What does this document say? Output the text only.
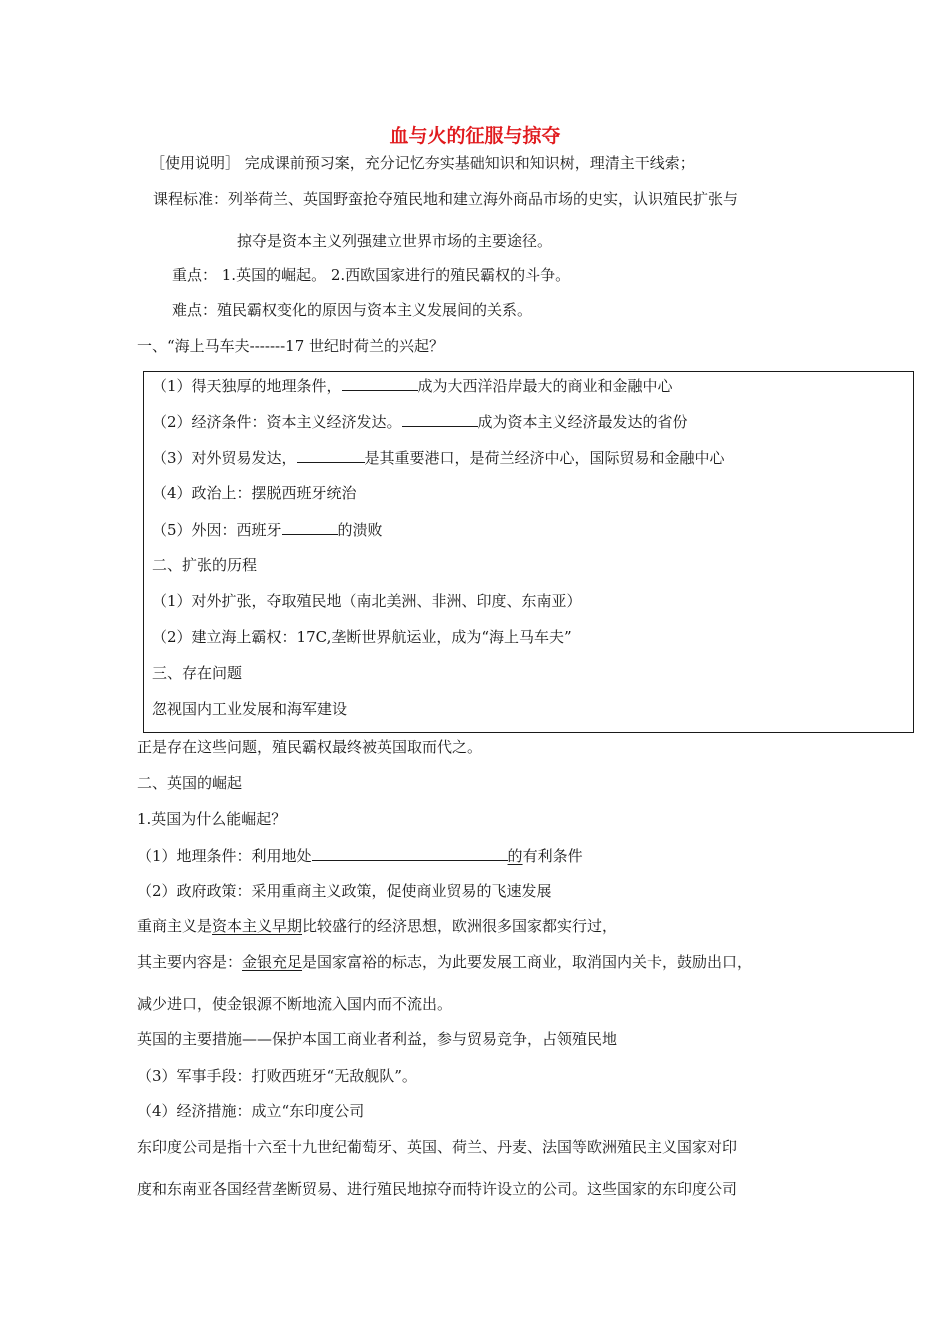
血与火的征服与掠夺
［使用说明］ 完成课前预习案，充分记忆夯实基础知识和知识树，理清主干线索；
课程标准：列举荷兰、英国野蛮抢夺殖民地和建立海外商品市场的史实，认识殖民扩张与
掠夺是资本主义列强建立世界市场的主要途径。
重点： 1.英国的崛起。 2.西欧国家进行的殖民霸权的斗争。
难点：殖民霸权变化的原因与资本主义发展间的关系。
一、“海上马车夫-------17 世纪时荷兰的兴起？
（1）得天独厚的地理条件，	成为大西洋沿岸最大的商业和金融中心
（2）经济条件：资本主义经济发达。	成为资本主义经济最发达的省份
（3）对外贸易发达，	是其重要港口，是荷兰经济中心，国际贸易和金融中心
（4）政治上：摆脱西班牙统治
（5）外因：西班牙	的溃败
二、扩张的历程
（1）对外扩张，夺取殖民地（南北美洲、非洲、印度、东南亚）
（2）建立海上霸权：17C,垄断世界航运业，成为“海上马车夫”
三、存在问题
忽视国内工业发展和海军建设
正是存在这些问题，殖民霸权最终被英国取而代之。
二、英国的崛起
1.英国为什么能崛起？
（1）地理条件：利用地处	的有利条件
（2）政府政策：采用重商主义政策，促使商业贸易的飞速发展
重商主义是资本主义早期比较盛行的经济思想，欧洲很多国家都实行过，
其主要内容是：金银充足是国家富裕的标志，为此要发展工商业，取消国内关卡，鼓励出口，
减少进口，使金银源不断地流入国内而不流出。
英国的主要措施——保护本国工商业者利益，参与贸易竞争，占领殖民地
（3）军事手段：打败西班牙“无敌舰队”。
（4）经济措施：成立“东印度公司
东印度公司是指十六至十九世纪葡萄牙、英国、荷兰、丹麦、法国等欧洲殖民主义国家对印
度和东南亚各国经营垄断贸易、进行殖民地掠夺而特许设立的公司。这些国家的东印度公司
